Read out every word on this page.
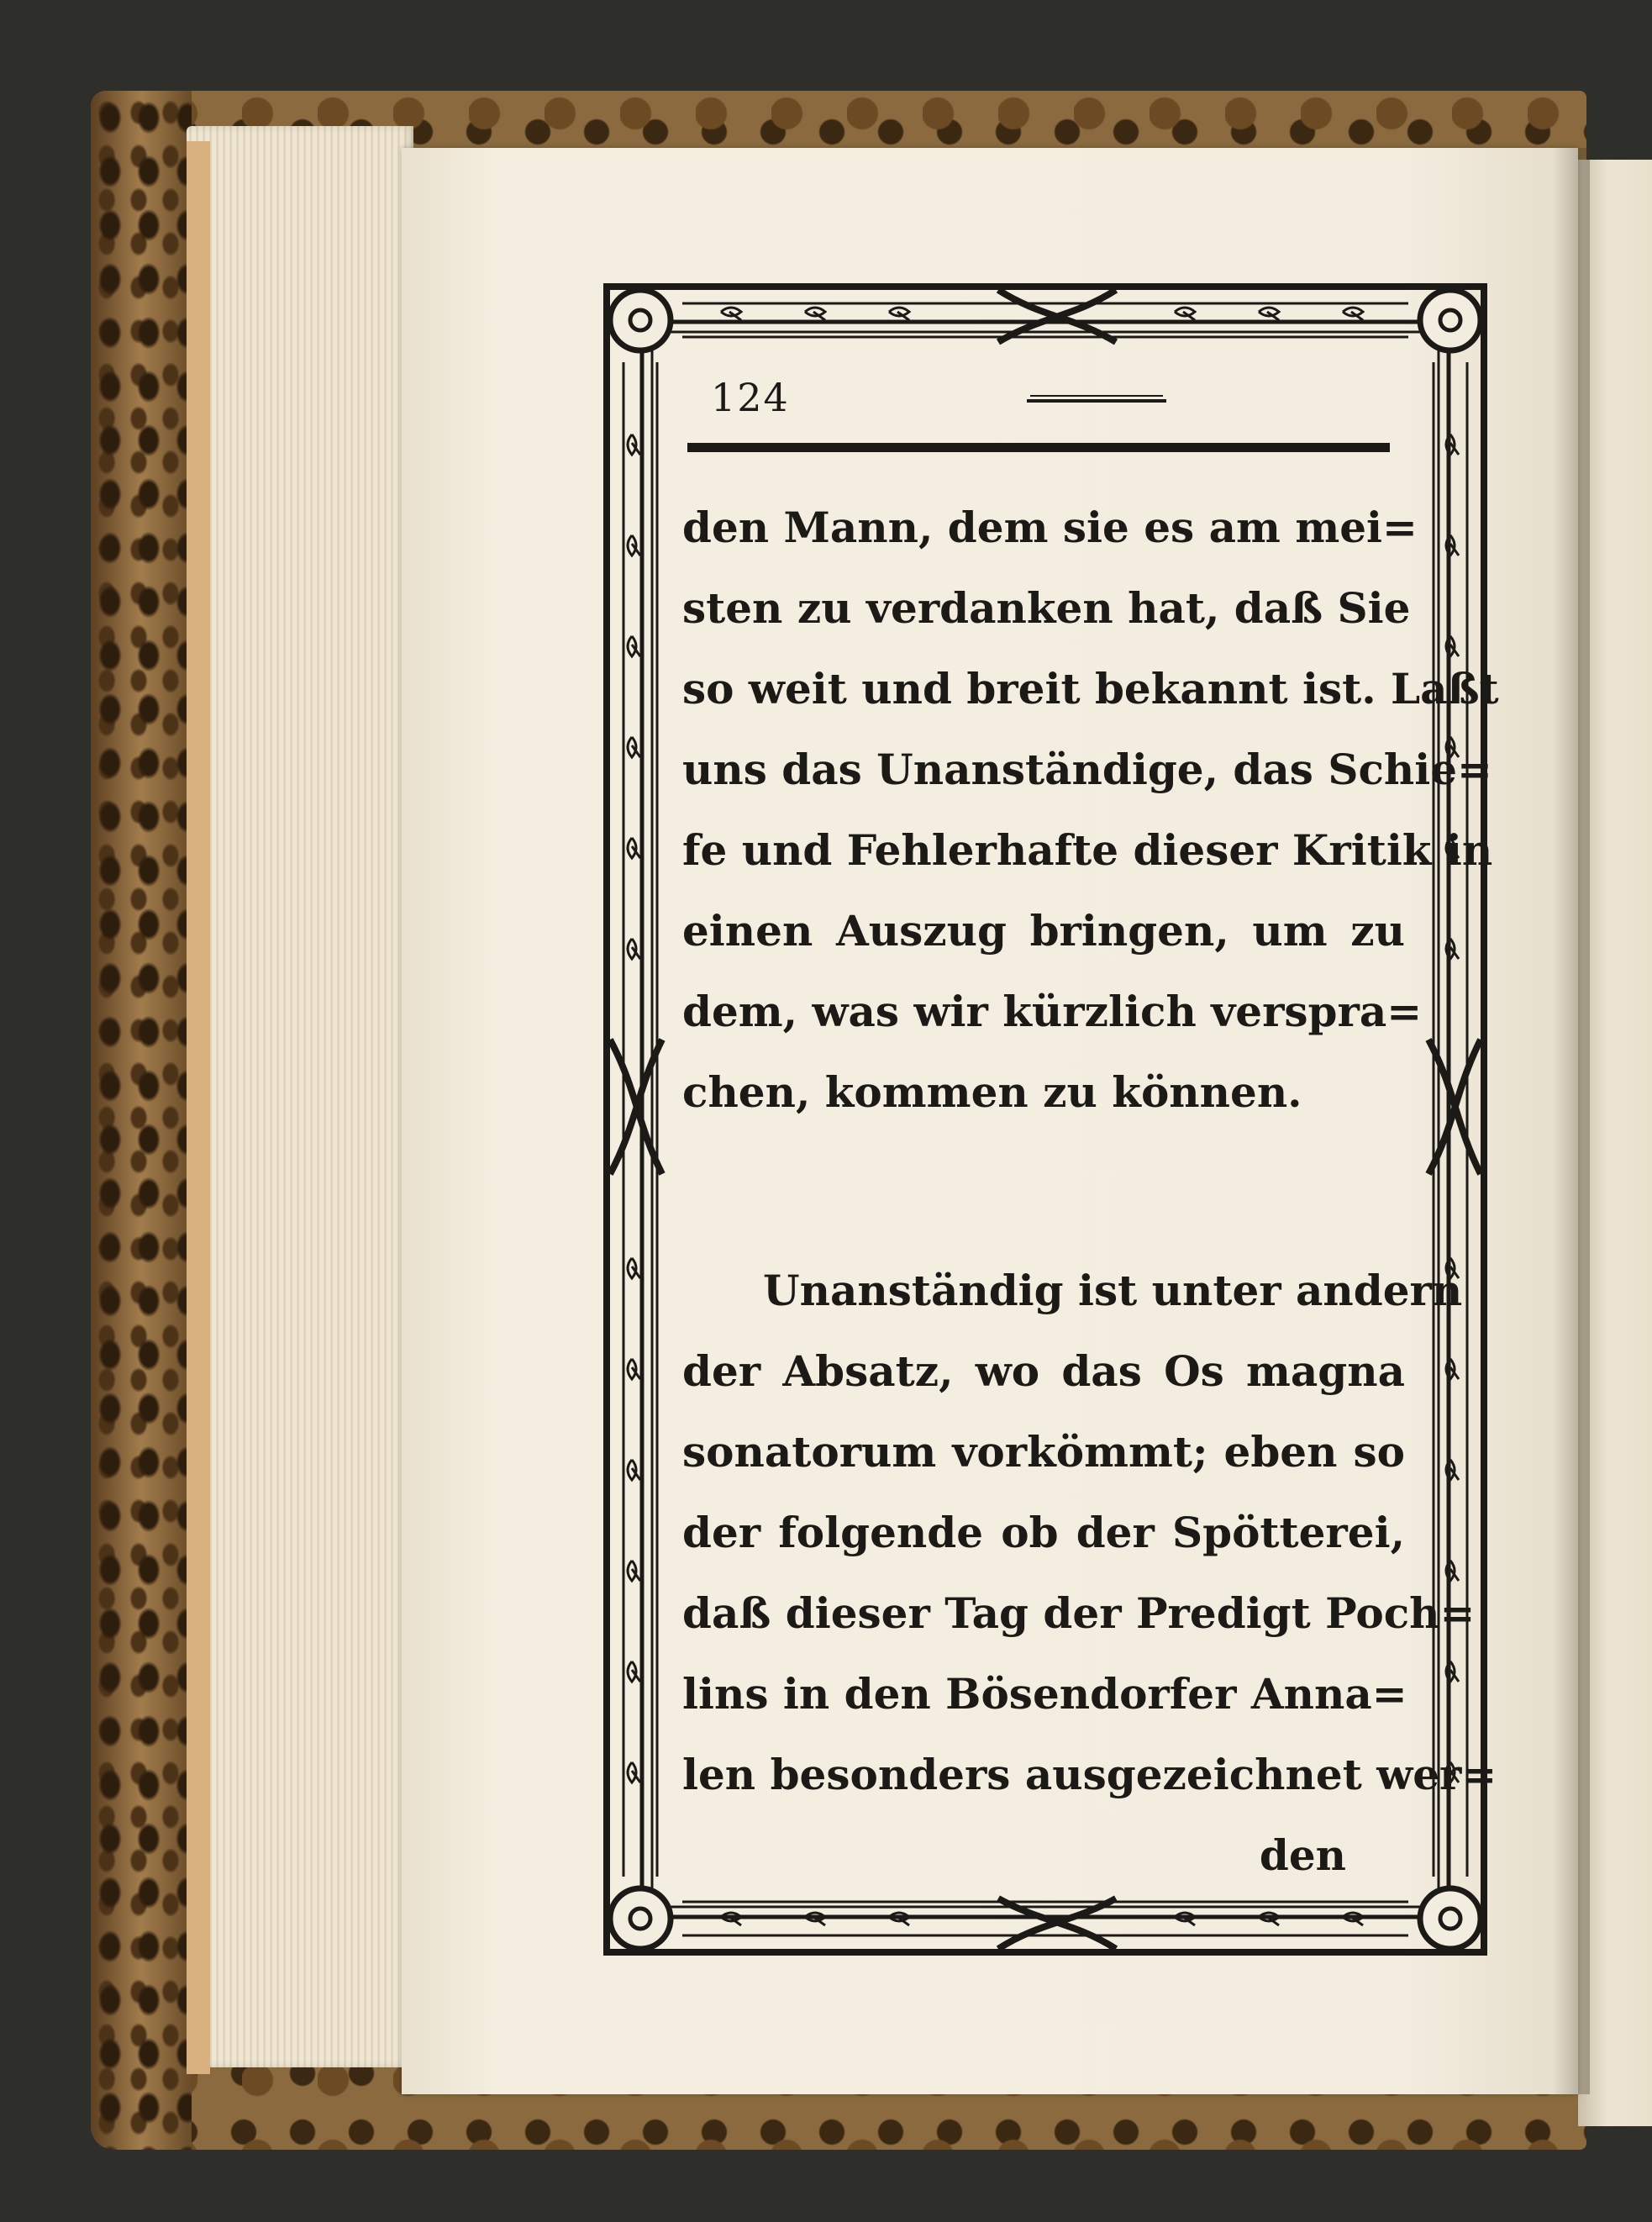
124

den Mann, dem sie es am mei=
sten zu verdanken hat, daß Sie
so weit und breit bekannt ist. Laßt
uns das Unanständige, das Schie=
fe und Fehlerhafte dieser Kritik in
einen Auszug bringen, um zu
dem, was wir kürzlich verspra=
chen, kommen zu können.
Unanständig ist unter andern
der Absatz, wo das Os magna
sonatorum vorkömmt; eben so
der folgende ob der Spötterei,
daß dieser Tag der Predigt Poch=
lins in den Bösendorfer Anna=
len besonders ausgezeichnet wer=
den
